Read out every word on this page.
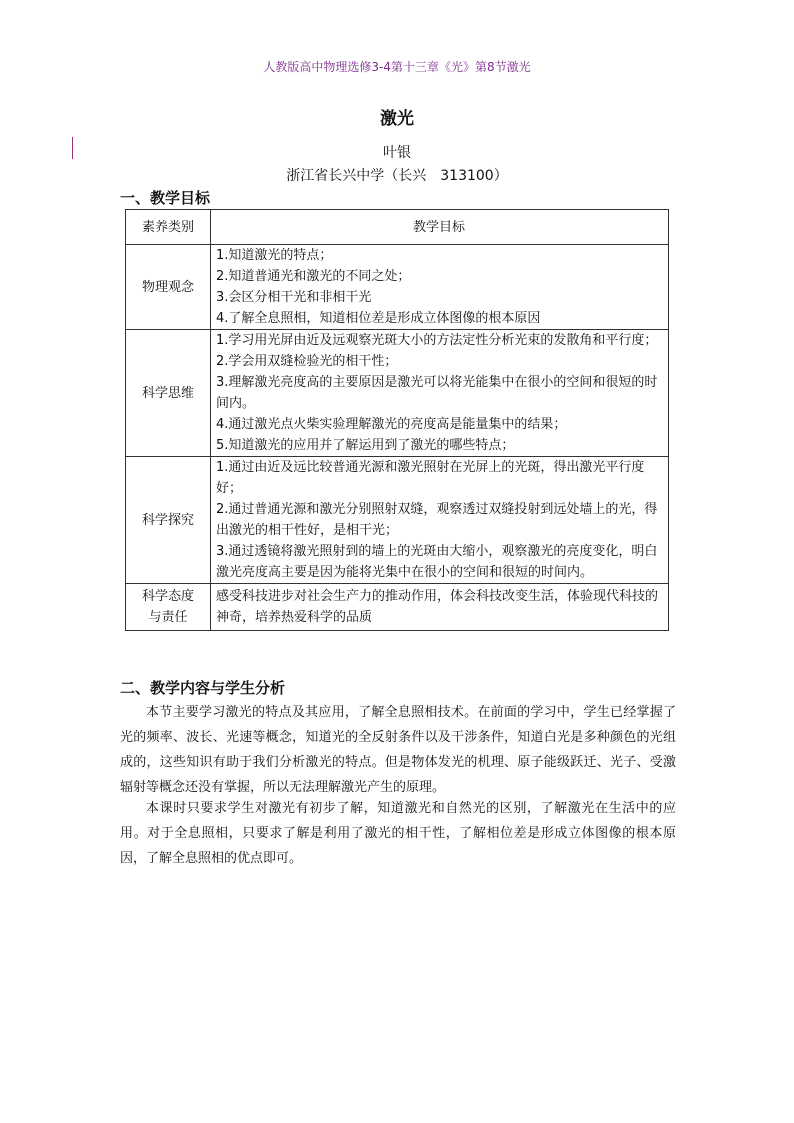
人教版高中物理选修3-4第十三章《光》第8节激光
激光
叶银
浙江省长兴中学（长兴　313100）
一、教学目标
素养类别	教学目标
物理观念	1.知道激光的特点；
2.知道普通光和激光的不同之处；
3.会区分相干光和非相干光
4.了解全息照相，知道相位差是形成立体图像的根本原因

科学思维	1.学习用光屏由近及远观察光斑大小的方法定性分析光束的发散角和平行度；
2.学会用双缝检验光的相干性；
3.理解激光亮度高的主要原因是激光可以将光能集中在很小的空间和很短的时间内。
4.通过激光点火柴实验理解激光的亮度高是能量集中的结果；
5.知道激光的应用并了解运用到了激光的哪些特点；

科学探究	1.通过由近及远比较普通光源和激光照射在光屏上的光斑，得出激光平行度好；
2.通过普通光源和激光分别照射双缝，观察透过双缝投射到远处墙上的光，得出激光的相干性好，是相干光；
3.通过透镜将激光照射到的墙上的光斑由大缩小，观察激光的亮度变化，明白激光亮度高主要是因为能将光集中在很小的空间和很短的时间内。

科学态度
与责任	感受科技进步对社会生产力的推动作用，体会科技改变生活，体验现代科技的神奇，培养热爱科学的品质
二、教学内容与学生分析
本节主要学习激光的特点及其应用，了解全息照相技术。在前面的学习中，学生已经掌握了光的频率、波长、光速等概念，知道光的全反射条件以及干涉条件，知道白光是多种颜色的光组成的，这些知识有助于我们分析激光的特点。但是物体发光的机理、原子能级跃迁、光子、受激辐射等概念还没有掌握，所以无法理解激光产生的原理。
本课时只要求学生对激光有初步了解，知道激光和自然光的区别，了解激光在生活中的应用。对于全息照相，只要求了解是利用了激光的相干性，了解相位差是形成立体图像的根本原因，了解全息照相的优点即可。
